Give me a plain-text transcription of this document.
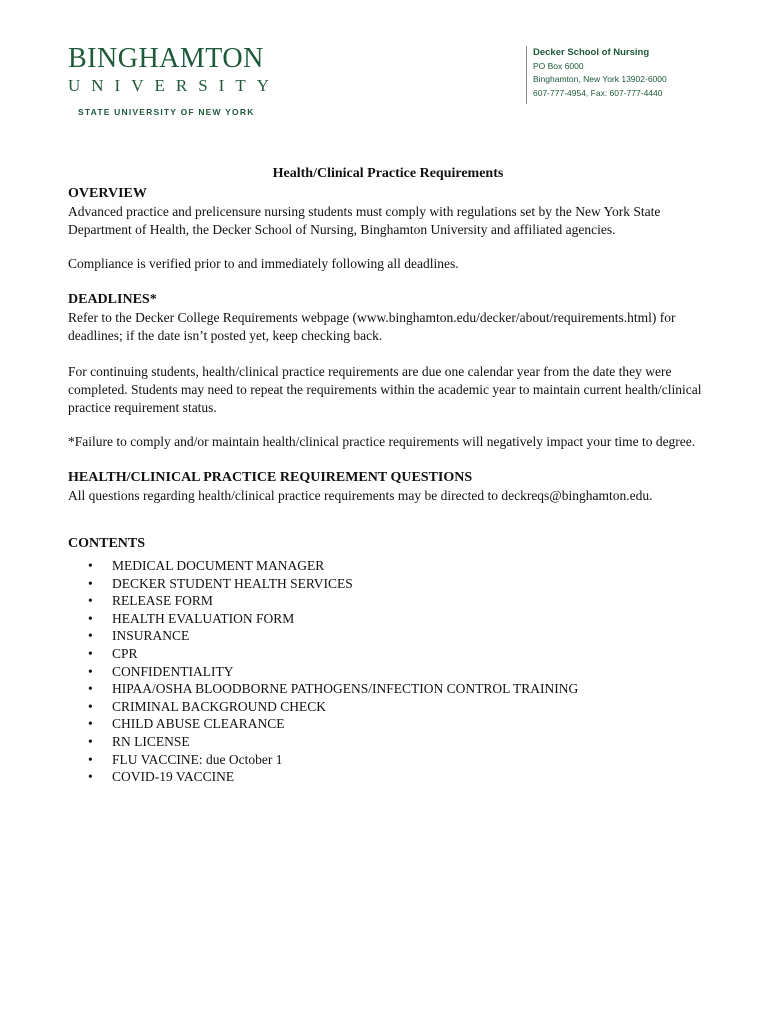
BINGHAMTON
UNIVERSITY
STATE UNIVERSITY OF NEW YORK
Decker School of Nursing
PO Box 6000
Binghamton, New York 13902-6000
607-777-4954, Fax: 607-777-4440
Health/Clinical Practice Requirements
OVERVIEW

Advanced practice and prelicensure nursing students must comply with regulations set by the New York State Department of Health, the Decker School of Nursing, Binghamton University and affiliated agencies.

Compliance is verified prior to and immediately following all deadlines.

DEADLINES*

Refer to the Decker College Requirements webpage (www.binghamton.edu/decker/about/requirements.html) for deadlines; if the date isn’t posted yet, keep checking back.

For continuing students, health/clinical practice requirements are due one calendar year from the date they were completed. Students may need to repeat the requirements within the academic year to maintain current health/clinical practice requirement status.

*Failure to comply and/or maintain health/clinical practice requirements will negatively impact your time to degree.

HEALTH/CLINICAL PRACTICE REQUIREMENT QUESTIONS

All questions regarding health/clinical practice requirements may be directed to deckreqs@binghamton.edu.

CONTENTS
• MEDICAL DOCUMENT MANAGER
• DECKER STUDENT HEALTH SERVICES
• RELEASE FORM
• HEALTH EVALUATION FORM
• INSURANCE
• CPR
• CONFIDENTIALITY
• HIPAA/OSHA BLOODBORNE PATHOGENS/INFECTION CONTROL TRAINING
• CRIMINAL BACKGROUND CHECK
• CHILD ABUSE CLEARANCE
• RN LICENSE
• FLU VACCINE: due October 1
• COVID-19 VACCINE
